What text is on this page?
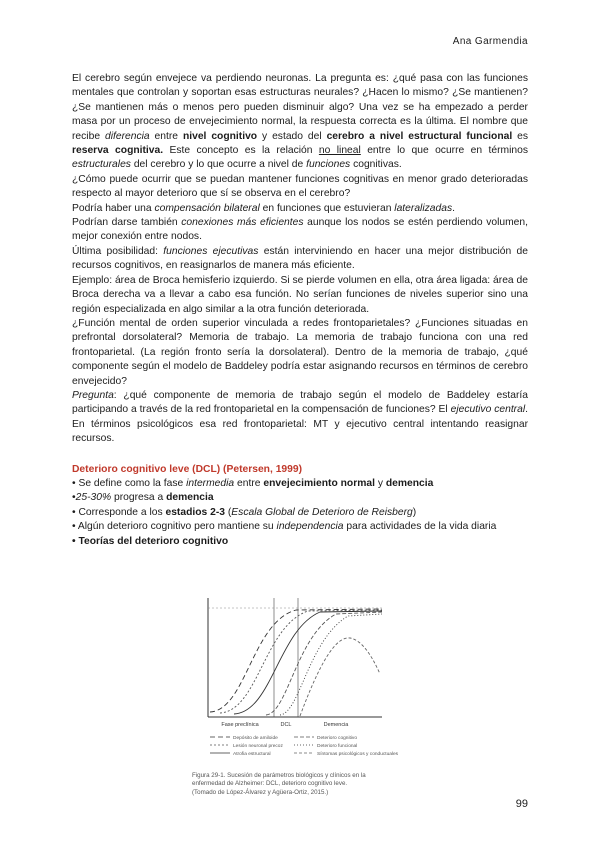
Ana Garmendia

El cerebro según envejece va perdiendo neuronas. La pregunta es: ¿qué pasa con las funciones mentales que controlan y soportan esas estructuras neurales? ¿Hacen lo mismo? ¿Se mantienen? ¿Se mantienen más o menos pero pueden disminuir algo? Una vez se ha empezado a perder masa por un proceso de envejecimiento normal, la respuesta correcta es la última. El nombre que recibe diferencia entre nivel cognitivo y estado del cerebro a nivel estructural funcional es reserva cognitiva. Este concepto es la relación no lineal entre lo que ocurre en términos estructurales del cerebro y lo que ocurre a nivel de funciones cognitivas.

¿Cómo puede ocurrir que se puedan mantener funciones cognitivas en menor grado deterioradas respecto al mayor deterioro que sí se observa en el cerebro?

Podría haber una compensación bilateral en funciones que estuvieran lateralizadas.

Podrían darse también conexiones más eficientes aunque los nodos se estén perdiendo volumen, mejor conexión entre nodos.

Última posibilidad: funciones ejecutivas están interviniendo en hacer una mejor distribución de recursos cognitivos, en reasignarlos de manera más eficiente.

Ejemplo: área de Broca hemisferio izquierdo. Si se pierde volumen en ella, otra área ligada: área de Broca derecha va a llevar a cabo esa función. No serían funciones de niveles superior sino una región especializada en algo similar a la otra función deteriorada.

¿Función mental de orden superior vinculada a redes frontoparietales? ¿Funciones situadas en prefrontal dorsolateral? Memoria de trabajo. La memoria de trabajo funciona con una red frontoparietal. (La región fronto sería la dorsolateral). Dentro de la memoria de trabajo, ¿qué componente según el modelo de Baddeley podría estar asignando recursos en términos de cerebro envejecido?

Pregunta: ¿qué componente de memoria de trabajo según el modelo de Baddeley estaría participando a través de la red frontoparietal en la compensación de funciones? El ejecutivo central. En términos psicológicos esa red frontoparietal: MT y ejecutivo central intentando reasignar recursos.

Deterioro cognitivo leve (DCL) (Petersen, 1999)

• Se define como la fase intermedia entre envejecimiento normal y demencia

•25-30% progresa a demencia

• Corresponde a los estadios 2-3 (Escala Global de Deterioro de Reisberg)

• Algún deterioro cognitivo pero mantiene su independencia para actividades de la vida diaria

• Teorías del deterioro cognitivo

Fase preclínica	DCL	Demencia
Depósito de amiloide	Deterioro cognitivo
Lesión neuronal precoz	Deterioro funcional
Atrofia estructural	Síntomas psicológicos y conductuales
Figura 29-1. Sucesión de parámetros biológicos y clínicos en la enfermedad de Alzheimer: DCL, deterioro cognitivo leve. (Tomado de López-Álvarez y Agüera-Ortiz, 2015.)
99
